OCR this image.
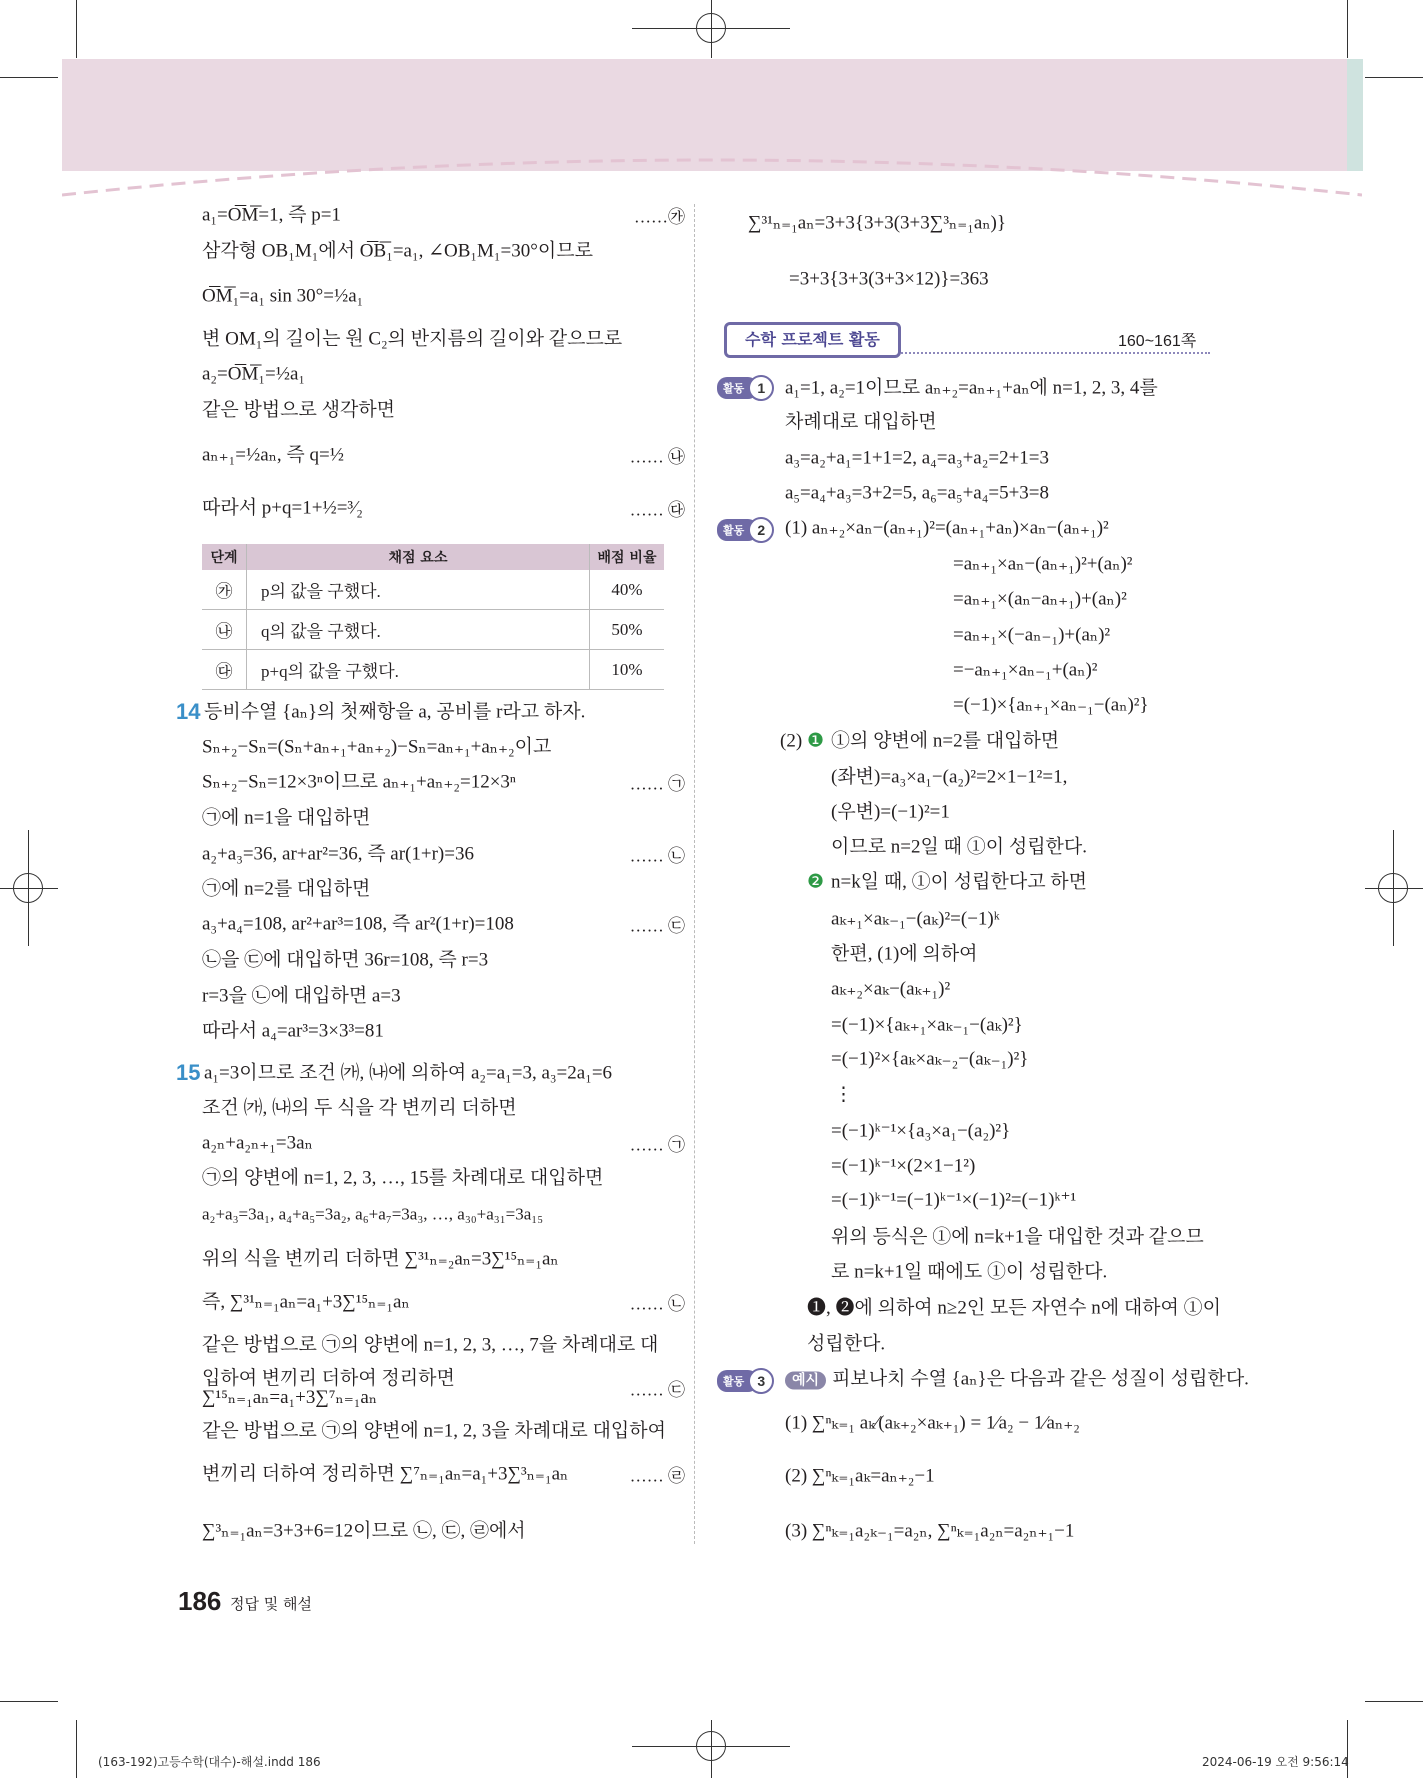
a₁=O͞M͞=1, 즉 p=1	……㉮
삼각형 OB₁M₁에서 O͞B͞₁=a₁, ∠OB₁M₁=30°이므로
O͞M͞₁=a₁ sin 30°=½a₁
변 OM₁의 길이는 원 C₂의 반지름의 길이와 같으므로
a₂=O͞M͞₁=½a₁
같은 방법으로 생각하면
aₙ₊₁=½aₙ, 즉 q=½	…… ㉯
따라서 p+q=1+½=³⁄₂	…… ㉰
단계	채점 요소	배점 비율
㉮	p의 값을 구했다.	40%
㉯	q의 값을 구했다.	50%
㉰	p+q의 값을 구했다.	10%
14 등비수열 {aₙ}의 첫째항을 a, 공비를 r라고 하자.
Sₙ₊₂−Sₙ=(Sₙ+aₙ₊₁+aₙ₊₂)−Sₙ=aₙ₊₁+aₙ₊₂이고
Sₙ₊₂−Sₙ=12×3ⁿ이므로 aₙ₊₁+aₙ₊₂=12×3ⁿ	…… ㉠
㉠에 n=1을 대입하면
a₂+a₃=36, ar+ar²=36, 즉 ar(1+r)=36	…… ㉡
㉠에 n=2를 대입하면
a₃+a₄=108, ar²+ar³=108, 즉 ar²(1+r)=108	…… ㉢
㉡을 ㉢에 대입하면 36r=108, 즉 r=3
r=3을 ㉡에 대입하면 a=3
따라서 a₄=ar³=3×3³=81
15 a₁=3이므로 조건 ㈎, ㈏에 의하여 a₂=a₁=3, a₃=2a₁=6
조건 ㈎, ㈏의 두 식을 각 변끼리 더하면
a₂ₙ+a₂ₙ₊₁=3aₙ	…… ㉠
㉠의 양변에 n=1, 2, 3, …, 15를 차례대로 대입하면
a₂+a₃=3a₁, a₄+a₅=3a₂, a₆+a₇=3a₃, …, a₃₀+a₃₁=3a₁₅
위의 식을 변끼리 더하면 ∑³¹ₙ₌₂aₙ=3∑¹⁵ₙ₌₁aₙ
즉, ∑³¹ₙ₌₁aₙ=a₁+3∑¹⁵ₙ₌₁aₙ	…… ㉡
같은 방법으로 ㉠의 양변에 n=1, 2, 3, …, 7을 차례대로 대
입하여 변끼리 더하여 정리하면 ∑¹⁵ₙ₌₁aₙ=a₁+3∑⁷ₙ₌₁aₙ	…… ㉢
같은 방법으로 ㉠의 양변에 n=1, 2, 3을 차례대로 대입하여
변끼리 더하여 정리하면 ∑⁷ₙ₌₁aₙ=a₁+3∑³ₙ₌₁aₙ	…… ㉣
∑³ₙ₌₁aₙ=3+3+6=12이므로 ㉡, ㉢, ㉣에서
∑³¹ₙ₌₁aₙ=3+3{3+3(3+3∑³ₙ₌₁aₙ)}
=3+3{3+3(3+3×12)}=363
수학 프로젝트 활동	160~161쪽
활동 1	a₁=1, a₂=1이므로 aₙ₊₂=aₙ₊₁+aₙ에 n=1, 2, 3, 4를
차례대로 대입하면
a₃=a₂+a₁=1+1=2, a₄=a₃+a₂=2+1=3
a₅=a₄+a₃=3+2=5, a₆=a₅+a₄=5+3=8
활동 2	(1) aₙ₊₂×aₙ−(aₙ₊₁)²=(aₙ₊₁+aₙ)×aₙ−(aₙ₊₁)²
=aₙ₊₁×aₙ−(aₙ₊₁)²+(aₙ)²
=aₙ₊₁×(aₙ−aₙ₊₁)+(aₙ)²
=aₙ₊₁×(−aₙ₋₁)+(aₙ)²
=−aₙ₊₁×aₙ₋₁+(aₙ)²
=(−1)×{aₙ₊₁×aₙ₋₁−(aₙ)²}
(2) ❶ ①의 양변에 n=2를 대입하면
(좌변)=a₃×a₁−(a₂)²=2×1−1²=1,
(우변)=(−1)²=1
이므로 n=2일 때 ①이 성립한다.
❷ n=k일 때, ①이 성립한다고 하면
aₖ₊₁×aₖ₋₁−(aₖ)²=(−1)ᵏ
한편, (1)에 의하여
aₖ₊₂×aₖ−(aₖ₊₁)²
=(−1)×{aₖ₊₁×aₖ₋₁−(aₖ)²}
=(−1)²×{aₖ×aₖ₋₂−(aₖ₋₁)²}
⋮
=(−1)ᵏ⁻¹×{a₃×a₁−(a₂)²}
=(−1)ᵏ⁻¹×(2×1−1²)
=(−1)ᵏ⁻¹=(−1)ᵏ⁻¹×(−1)²=(−1)ᵏ⁺¹
위의 등식은 ①에 n=k+1을 대입한 것과 같으므
로 n=k+1일 때에도 ①이 성립한다.
❶, ❷에 의하여 n≥2인 모든 자연수 n에 대하여 ①이
성립한다.
활동 3	예시 피보나치 수열 {aₙ}은 다음과 같은 성질이 성립한다.
(1) ∑ⁿₖ₌₁ aₖ⁄(aₖ₊₂×aₖ₊₁) = 1⁄a₂ − 1⁄aₙ₊₂
(2) ∑ⁿₖ₌₁aₖ=aₙ₊₂−1
(3) ∑ⁿₖ₌₁a₂ₖ₋₁=a₂ₙ, ∑ⁿₖ₌₁a₂ₙ=a₂ₙ₊₁−1
186 정답 및 해설
(163-192)고등수학(대수)-해설.indd 186	2024-06-19 오전 9:56:14
